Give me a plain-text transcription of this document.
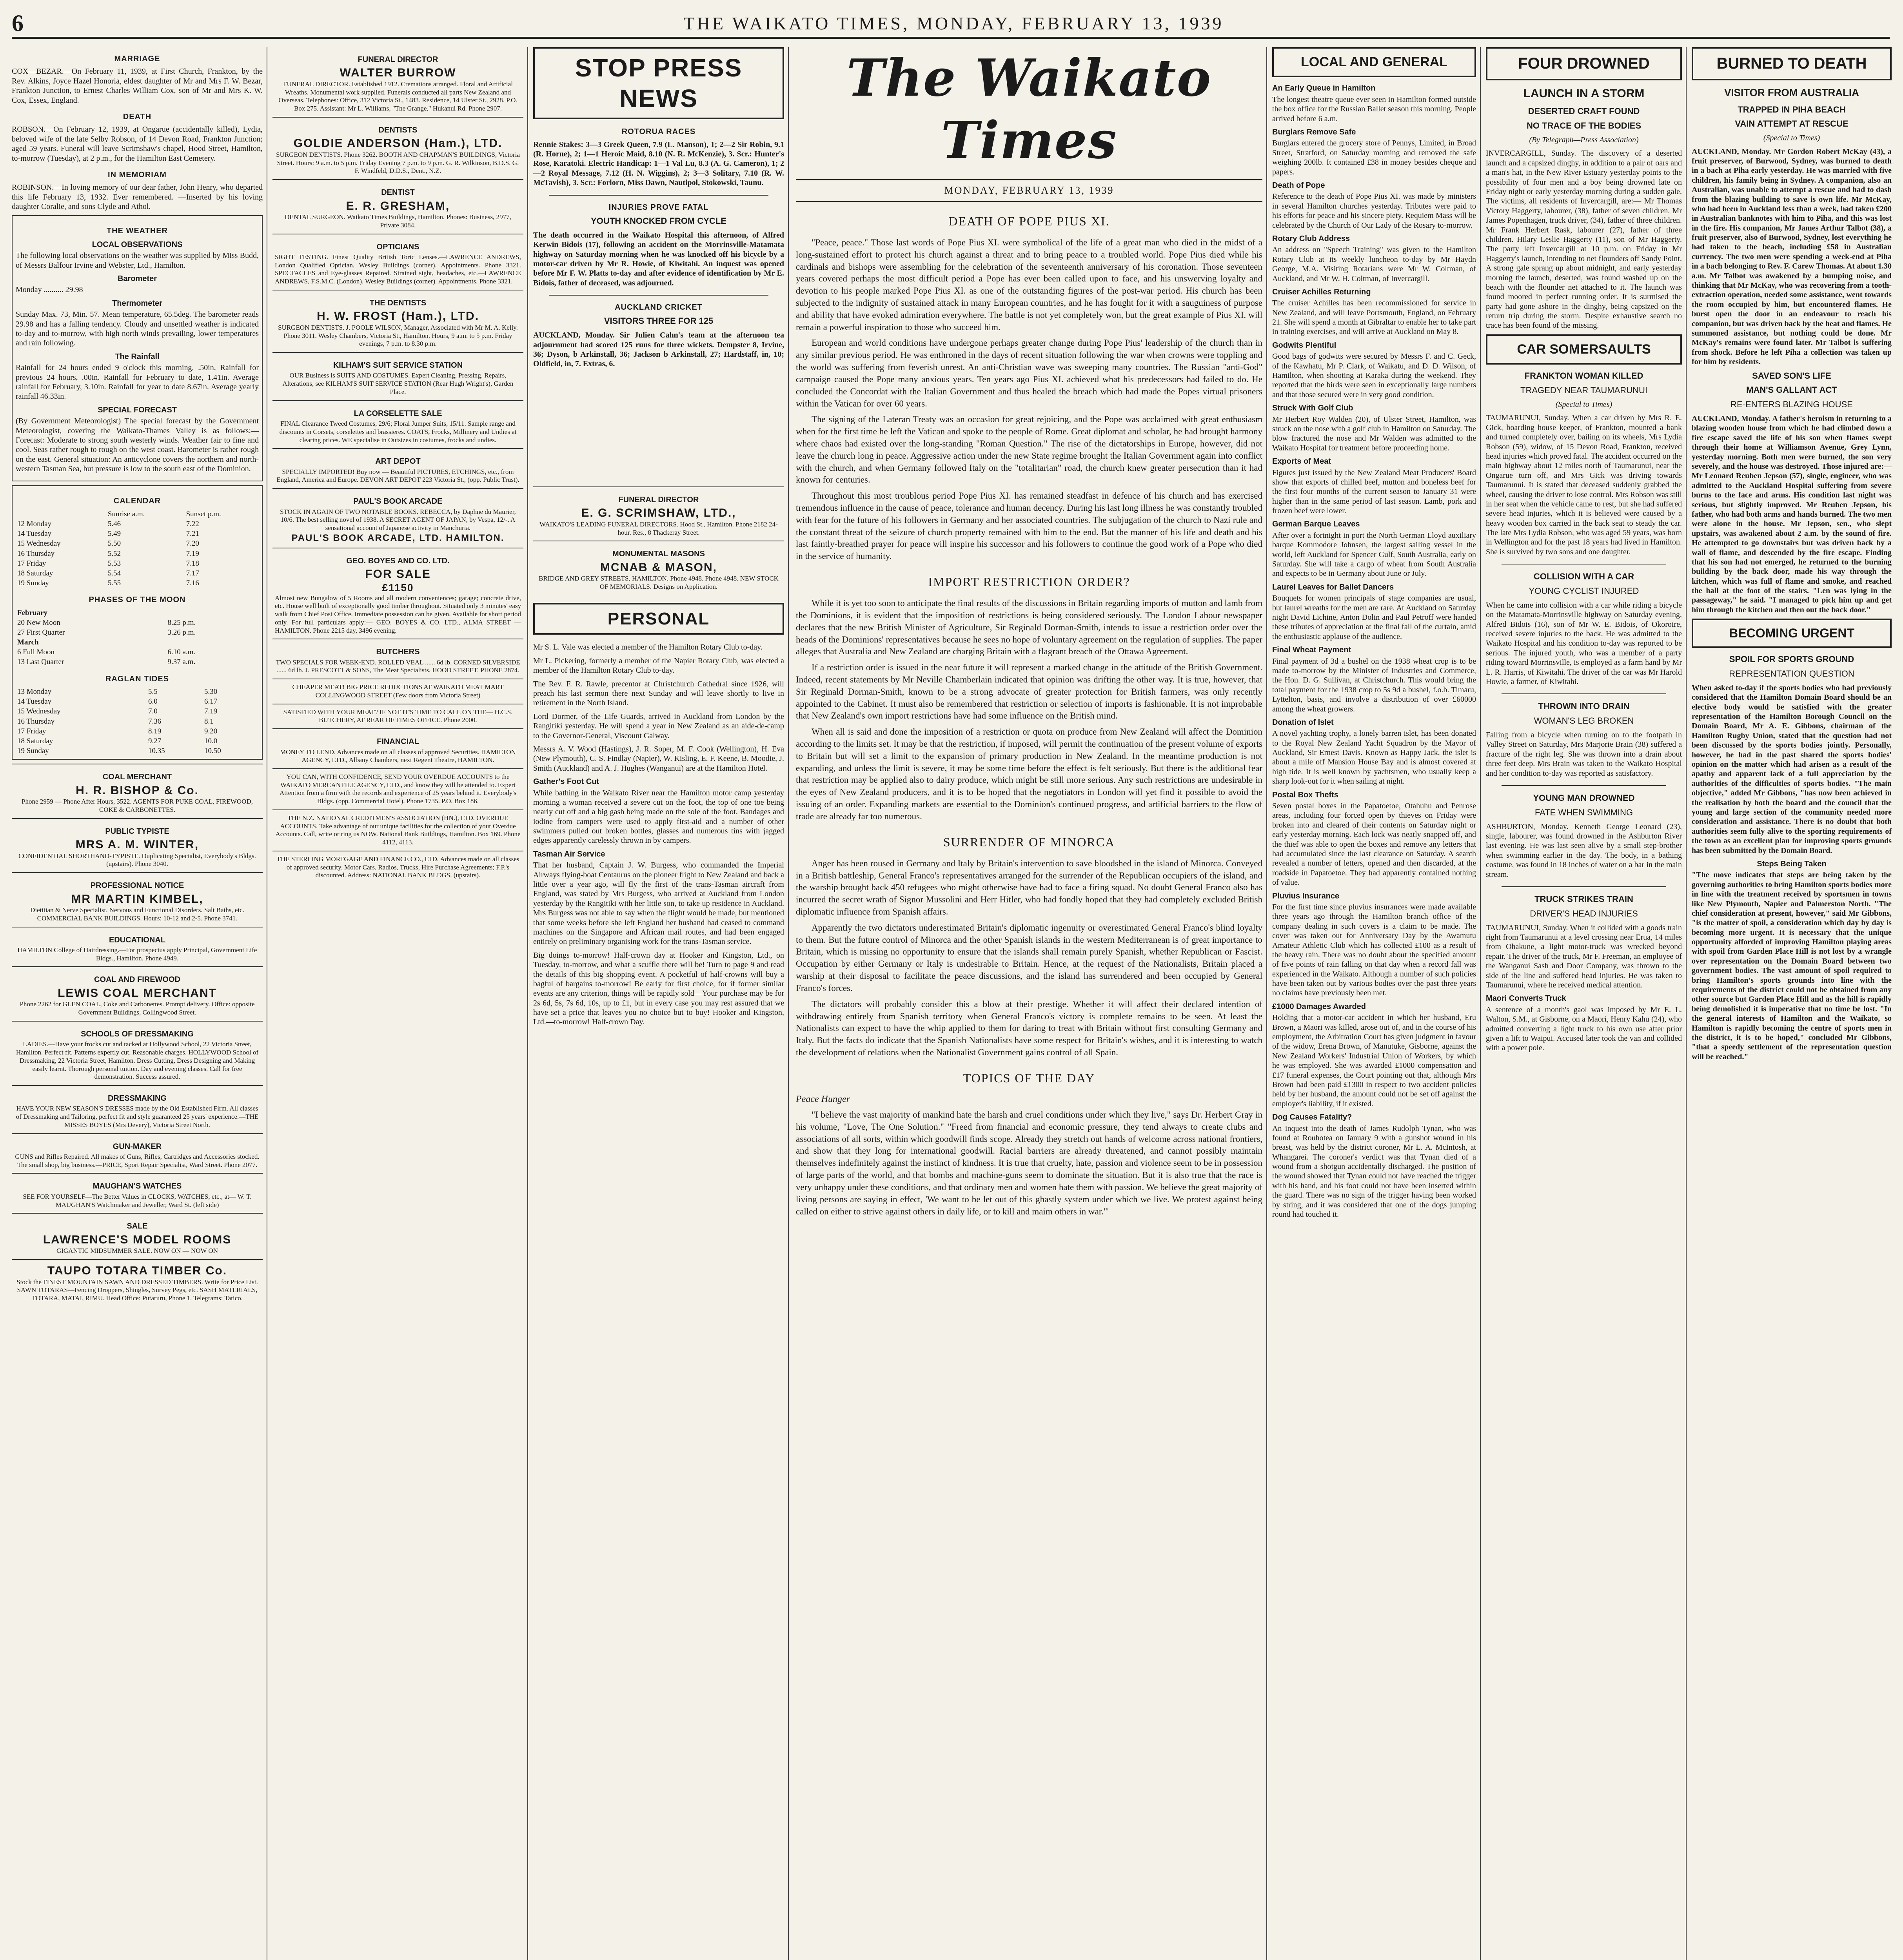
6	THE WAIKATO TIMES, MONDAY, FEBRUARY 13, 1939

MARRIAGE

COX—BEZAR.—On February 11, 1939, at First Church, Frankton, by the Rev. Alkins, Joyce Hazel Honoria, eldest daughter of Mr and Mrs F. W. Bezar, Frankton Junction, to Ernest Charles William Cox, son of Mr and Mrs K. W. Cox, Essex, England.

DEATH

ROBSON.—On February 12, 1939, at Ongarue (accidentally killed), Lydia, beloved wife of the late Selby Robson, of 14 Devon Road, Frankton Junction; aged 59 years. Funeral will leave Scrimshaw's chapel, Hood Street, Hamilton, to-morrow (Tuesday), at 2 p.m., for the Hamilton East Cemetery.

IN MEMORIAM

ROBINSON.—In loving memory of our dear father, John Henry, who departed this life February 13, 1932. Ever remembered. —Inserted by his loving daughter Coralie, and sons Clyde and Athol.

THE WEATHER
LOCAL OBSERVATIONS

The following local observations on the weather was supplied by Miss Budd, of Messrs Balfour Irvine and Webster, Ltd., Hamilton.

Barometer

Monday .......... 29.98

Thermometer

Sunday Max. 73, Min. 57. Mean temperature, 65.5deg. The barometer reads 29.98 and has a falling tendency. Cloudy and unsettled weather is indicated to-day and to-morrow, with high north winds prevailing, lower temperatures and rain following.

The Rainfall

Rainfall for 24 hours ended 9 o'clock this morning, .50in. Rainfall for previous 24 hours, .00in. Rainfall for February to date, 1.41in. Average rainfall for February, 3.10in. Rainfall for year to date 8.67in. Average yearly rainfall 46.33in.

SPECIAL FORECAST

(By Government Meteorologist) The special forecast by the Government Meteorologist, covering the Waikato-Thames Valley is as follows:— Forecast: Moderate to strong south westerly winds. Weather fair to fine and cool. Seas rather rough to rough on the west coast. Barometer is rather rough on the east. General situation: An anticyclone covers the northern and north-western Tasman Sea, but pressure is low to the south east of the Dominion.

CALENDAR
	Sunrise a.m.	Sunset p.m.
12 Monday	5.46	7.22
14 Tuesday	5.49	7.21
15 Wednesday	5.50	7.20
16 Thursday	5.52	7.19
17 Friday	5.53	7.18
18 Saturday	5.54	7.17
19 Sunday	5.55	7.16
PHASES OF THE MOON
February	
20 New Moon	8.25 p.m.
27 First Quarter	3.26 p.m.
March	
6 Full Moon	6.10 a.m.
13 Last Quarter	9.37 a.m.
RAGLAN TIDES
13 Monday	5.5	5.30
14 Tuesday	6.0	6.17
15 Wednesday	7.0	7.19
16 Thursday	7.36	8.1
17 Friday	8.19	9.20
18 Saturday	9.27	10.0
19 Sunday	10.35	10.50
COAL MERCHANT
H. R. BISHOP & Co.
Phone 2959 — Phone After Hours, 3522. AGENTS FOR PUKE COAL, FIREWOOD, COKE & CARBONETTES.
PUBLIC TYPISTE
MRS A. M. WINTER,
CONFIDENTIAL SHORTHAND-TYPISTE. Duplicating Specialist, Everybody's Bldgs. (upstairs). Phone 3040.
PROFESSIONAL NOTICE
MR MARTIN KIMBEL,
Dietitian & Nerve Specialist. Nervous and Functional Disorders. Salt Baths, etc. COMMERCIAL BANK BUILDINGS. Hours: 10-12 and 2-5. Phone 3741.
EDUCATIONAL
HAMILTON College of Hairdressing.—For prospectus apply Principal, Government Life Bldgs., Hamilton. Phone 4949.
COAL AND FIREWOOD
LEWIS COAL MERCHANT
Phone 2262 for GLEN COAL, Coke and Carbonettes. Prompt delivery. Office: opposite Government Buildings, Collingwood Street.
SCHOOLS OF DRESSMAKING
LADIES.—Have your frocks cut and tacked at Hollywood School, 22 Victoria Street, Hamilton. Perfect fit. Patterns expertly cut. Reasonable charges. HOLLYWOOD School of Dressmaking, 22 Victoria Street, Hamilton. Dress Cutting, Dress Designing and Making easily learnt. Thorough personal tuition. Day and evening classes. Call for free demonstration. Success assured.
DRESSMAKING
HAVE YOUR NEW SEASON'S DRESSES made by the Old Established Firm. All classes of Dressmaking and Tailoring, perfect fit and style guaranteed 25 years' experience.—THE MISSES BOYES (Mrs Devery), Victoria Street North.
GUN-MAKER
GUNS and Rifles Repaired. All makes of Guns, Rifles, Cartridges and Accessories stocked. The small shop, big business.—PRICE, Sport Repair Specialist, Ward Street. Phone 2077.
MAUGHAN'S WATCHES
SEE FOR YOURSELF—The Better Values in CLOCKS, WATCHES, etc., at— W. T. MAUGHAN'S Watchmaker and Jeweller, Ward St. (left side)
SALE
LAWRENCE'S MODEL ROOMS
GIGANTIC MIDSUMMER SALE. NOW ON — NOW ON
TAUPO TOTARA TIMBER Co.
Stock the FINEST MOUNTAIN SAWN AND DRESSED TIMBERS. Write for Price List. SAWN TOTARAS—Fencing Droppers, Shingles, Survey Pegs, etc. SASH MATERIALS, TOTARA, MATAI, RIMU. Head Office: Putaruru, Phone 1. Telegrams: Tatico.
FUNERAL DIRECTOR
WALTER BURROW
FUNERAL DIRECTOR. Established 1912. Cremations arranged. Floral and Artificial Wreaths. Monumental work supplied. Funerals conducted all parts New Zealand and Overseas. Telephones: Office, 312 Victoria St., 1483. Residence, 14 Ulster St., 2928. P.O. Box 275. Assistant: Mr L. Williams, "The Grange," Hukanui Rd. Phone 2907.
DENTISTS
GOLDIE ANDERSON (Ham.), LTD.
SURGEON DENTISTS. Phone 3262. BOOTH AND CHAPMAN'S BUILDINGS, Victoria Street. Hours: 9 a.m. to 5 p.m. Friday Evening 7 p.m. to 9 p.m. G. R. Wilkinson, B.D.S. G. F. Windfeld, D.D.S., Dent., N.Z.
DENTIST
E. R. GRESHAM,
DENTAL SURGEON. Waikato Times Buildings, Hamilton. Phones: Business, 2977, Private 3084.
OPTICIANS
SIGHT TESTING. Finest Quality British Toric Lenses.—LAWRENCE ANDREWS, London Qualified Optician, Wesley Buildings (corner). Appointments. Phone 3321. SPECTACLES and Eye-glasses Repaired. Strained sight, headaches, etc.—LAWRENCE ANDREWS, F.S.M.C. (London), Wesley Buildings (corner). Appointments. Phone 3321.
THE DENTISTS
H. W. FROST (Ham.), LTD.
SURGEON DENTISTS. J. POOLE WILSON, Manager, Associated with Mr M. A. Kelly. Phone 3011. Wesley Chambers, Victoria St., Hamilton. Hours, 9 a.m. to 5 p.m. Friday evenings, 7 p.m. to 8.30 p.m.
KILHAM'S SUIT SERVICE STATION
OUR Business is SUITS AND COSTUMES. Expert Cleaning, Pressing, Repairs, Alterations, see KILHAM'S SUIT SERVICE STATION (Rear Hugh Wright's), Garden Place.
LA CORSELETTE SALE
FINAL Clearance Tweed Costumes, 29/6; Floral Jumper Suits, 15/11. Sample range and discounts in Corsets, corselettes and brassieres. COATS, Frocks, Millinery and Undies at clearing prices. WE specialise in Outsizes in costumes, frocks and undies.
ART DEPOT
SPECIALLY IMPORTED! Buy now — Beautiful PICTURES, ETCHINGS, etc., from England, America and Europe. DEVON ART DEPOT 223 Victoria St., (opp. Public Trust).
PAUL'S BOOK ARCADE
STOCK IN AGAIN OF TWO NOTABLE BOOKS. REBECCA, by Daphne du Maurier, 10/6. The best selling novel of 1938. A SECRET AGENT OF JAPAN, by Vespa, 12/-. A sensational account of Japanese activity in Manchuria.
PAUL'S BOOK ARCADE, LTD. HAMILTON.
GEO. BOYES AND CO. LTD.
FOR SALE
£1150
Almost new Bungalow of 5 Rooms and all modern conveniences; garage; concrete drive, etc. House well built of exceptionally good timber throughout. Situated only 3 minutes' easy walk from Chief Post Office. Immediate possession can be given. Available for short period only. For full particulars apply:— GEO. BOYES & CO. LTD., ALMA STREET — HAMILTON. Phone 2215 day, 3496 evening.
BUTCHERS
TWO SPECIALS FOR WEEK-END. ROLLED VEAL ...... 6d lb. CORNED SILVERSIDE ...... 6d lb. J. PRESCOTT & SONS, The Meat Specialists, HOOD STREET. PHONE 2874.
CHEAPER MEAT! BIG PRICE REDUCTIONS AT WAIKATO MEAT MART COLLINGWOOD STREET (Few doors from Victoria Street)
SATISFIED WITH YOUR MEAT? IF NOT IT'S TIME TO CALL ON THE— H.C.S. BUTCHERY, AT REAR OF TIMES OFFICE. Phone 2000.
FINANCIAL
MONEY TO LEND. Advances made on all classes of approved Securities. HAMILTON AGENCY, LTD., Albany Chambers, next Regent Theatre, HAMILTON.
YOU CAN, WITH CONFIDENCE, SEND YOUR OVERDUE ACCOUNTS to the WAIKATO MERCANTILE AGENCY, LTD., and know they will be attended to. Expert Attention from a firm with the records and experience of 25 years behind it. Everybody's Bldgs. (opp. Commercial Hotel). Phone 1735. P.O. Box 186.
THE N.Z. NATIONAL CREDITMEN'S ASSOCIATION (HN.), LTD. OVERDUE ACCOUNTS. Take advantage of our unique facilities for the collection of your Overdue Accounts. Call, write or ring us NOW. National Bank Buildings, Hamilton. Box 169. Phone 4112, 4113.
THE STERLING MORTGAGE AND FINANCE CO., LTD. Advances made on all classes of approved security. Motor Cars, Radios, Trucks, Hire Purchase Agreements; F.P.'s discounted. Address: NATIONAL BANK BLDGS. (upstairs).
STOP PRESS NEWS
ROTORUA RACES

Rennie Stakes: 3—3 Greek Queen, 7.9 (L. Manson), 1; 2—2 Sir Robin, 9.1 (R. Horne), 2; 1—1 Heroic Maid, 8.10 (N. R. McKenzie), 3. Scr.: Hunter's Rose, Karatoki. Electric Handicap: 1—1 Val Lu, 8.3 (A. G. Cameron), 1; 2—2 Royal Message, 7.12 (H. N. Wiggins), 2; 3—3 Solitary, 7.10 (R. W. McTavish), 3. Scr.: Forlorn, Miss Dawn, Nautipol, Stokowski, Taunu.

INJURIES PROVE FATAL
YOUTH KNOCKED FROM CYCLE

The death occurred in the Waikato Hospital this afternoon, of Alfred Kerwin Bidois (17), following an accident on the Morrinsville-Matamata highway on Saturday morning when he was knocked off his bicycle by a motor-car driven by Mr R. Howie, of Kiwitahi. An inquest was opened before Mr F. W. Platts to-day and after evidence of identification by Mr E. Bidois, father of deceased, was adjourned.

AUCKLAND CRICKET
VISITORS THREE FOR 125

AUCKLAND, Monday. Sir Julien Cahn's team at the afternoon tea adjournment had scored 125 runs for three wickets. Dempster 8, Irvine, 36; Dyson, b Arkinstall, 36; Jackson b Arkinstall, 27; Hardstaff, in, 10; Oldfield, in, 7. Extras, 6.

FUNERAL DIRECTOR
E. G. SCRIMSHAW, LTD.,
WAIKATO'S LEADING FUNERAL DIRECTORS. Hood St., Hamilton. Phone 2182 24-hour. Res., 8 Thackeray Street.
MONUMENTAL MASONS
MCNAB & MASON,
BRIDGE AND GREY STREETS, HAMILTON. Phone 4948. Phone 4948. NEW STOCK OF MEMORIALS. Designs on Application.
PERSONAL

Mr S. L. Vale was elected a member of the Hamilton Rotary Club to-day.

Mr L. Pickering, formerly a member of the Napier Rotary Club, was elected a member of the Hamilton Rotary Club to-day.

The Rev. F. R. Rawle, precentor at Christchurch Cathedral since 1926, will preach his last sermon there next Sunday and will leave shortly to live in retirement in the North Island.

Lord Dormer, of the Life Guards, arrived in Auckland from London by the Rangitiki yesterday. He will spend a year in New Zealand as an aide-de-camp to the Governor-General, Viscount Galway.

Messrs A. V. Wood (Hastings), J. R. Soper, M. F. Cook (Wellington), H. Eva (New Plymouth), C. S. Findlay (Napier), W. Kisling, E. F. Keene, B. Moodie, J. Smith (Auckland) and A. J. Hughes (Wanganui) are at the Hamilton Hotel.

Gather's Foot Cut

While bathing in the Waikato River near the Hamilton motor camp yesterday morning a woman received a severe cut on the foot, the top of one toe being nearly cut off and a big gash being made on the sole of the foot. Bandages and iodine from campers were used to apply first-aid and a number of other swimmers pulled out broken bottles, glasses and numerous tins with jagged edges apparently carelessly thrown in by campers.

Tasman Air Service

That her husband, Captain J. W. Burgess, who commanded the Imperial Airways flying-boat Centaurus on the pioneer flight to New Zealand and back a little over a year ago, will fly the first of the trans-Tasman aircraft from England, was stated by Mrs Burgess, who arrived at Auckland from London yesterday by the Rangitiki with her little son, to take up residence in Auckland. Mrs Burgess was not able to say when the flight would be made, but mentioned that some weeks before she left England her husband had ceased to command machines on the Singapore and African mail routes, and had been engaged entirely on preliminary organising work for the trans-Tasman service.

Big doings to-morrow! Half-crown day at Hooker and Kingston, Ltd., on Tuesday, to-morrow, and what a scuffle there will be! Turn to page 9 and read the details of this big shopping event. A pocketful of half-crowns will buy a bagful of bargains to-morrow! Be early for first choice, for if former similar events are any criterion, things will be rapidly sold—Your purchase may be for 2s 6d, 5s, 7s 6d, 10s, up to £1, but in every case you may rest assured that we have set a price that leaves you no choice but to buy! Hooker and Kingston, Ltd.—to-morrow! Half-crown Day.

The Waikato Times
MONDAY, FEBRUARY 13, 1939
DEATH OF POPE PIUS XI.

"Peace, peace." Those last words of Pope Pius XI. were symbolical of the life of a great man who died in the midst of a long-sustained effort to protect his church against a threat and to bring peace to a troubled world. Pope Pius died while his cardinals and bishops were assembling for the celebration of the seventeenth anniversary of his coronation. Those seventeen years covered perhaps the most difficult period a Pope has ever been called upon to face, and his unswerving loyalty and devotion to his people marked Pope Pius XI. as one of the outstanding figures of the post-war period. His church has been subjected to the indignity of sustained attack in many European countries, and he has fought for it with a sauguiness of purpose and ability that have evoked admiration everywhere. The battle is not yet completely won, but the great example of Pius XI. will remain a powerful inspiration to those who succeed him.

European and world conditions have undergone perhaps greater change during Pope Pius' leadership of the church than in any similar previous period. He was enthroned in the days of recent situation following the war when crowns were toppling and the world was suffering from feverish unrest. An anti-Christian wave was sweeping many countries. The Russian "anti-God" campaign caused the Pope many anxious years. Ten years ago Pius XI. achieved what his predecessors had failed to do. He concluded the Concordat with the Italian Government and thus healed the breach which had made the Popes virtual prisoners within the Vatican for over 60 years.

The signing of the Lateran Treaty was an occasion for great rejoicing, and the Pope was acclaimed with great enthusiasm when for the first time he left the Vatican and spoke to the people of Rome. Great diplomat and scholar, he had brought harmony where chaos had existed over the long-standing "Roman Question." The rise of the dictatorships in Europe, however, did not leave the church long in peace. Aggressive action under the new State regime brought the Italian Government again into conflict with the church, and when Germany followed Italy on the "totalitarian" road, the church knew greater persecution than it had known for centuries.

Throughout this most troublous period Pope Pius XI. has remained steadfast in defence of his church and has exercised tremendous influence in the cause of peace, tolerance and human decency. During his last long illness he was constantly troubled with fear for the future of his followers in Germany and her associated countries. The subjugation of the church to Nazi rule and the constant threat of the seizure of church property remained with him to the end. But the manner of his life and death and his last faintly-breathed prayer for peace will inspire his successor and his followers to continue the good work of a Pope who died in the service of humanity.

IMPORT RESTRICTION ORDER?

While it is yet too soon to anticipate the final results of the discussions in Britain regarding imports of mutton and lamb from the Dominions, it is evident that the imposition of restrictions is being considered seriously. The London Labour newspaper declares that the new British Minister of Agriculture, Sir Reginald Dorman-Smith, intends to issue a restriction order over the heads of the Dominions' representatives because he sees no hope of voluntary agreement on the regulation of supplies. The paper alleges that Australia and New Zealand are charging Britain with a flagrant breach of the Ottawa Agreement.

If a restriction order is issued in the near future it will represent a marked change in the attitude of the British Government. Indeed, recent statements by Mr Neville Chamberlain indicated that opinion was drifting the other way. It is true, however, that Sir Reginald Dorman-Smith, known to be a strong advocate of greater protection for British farmers, was only recently appointed to the Cabinet. It must also be remembered that restriction or selection of imports is fashionable. It is not improbable that New Zealand's own import restrictions have had some influence on the British mind.

When all is said and done the imposition of a restriction or quota on produce from New Zealand will affect the Dominion according to the limits set. It may be that the restriction, if imposed, will permit the continuation of the present volume of exports to Britain but will set a limit to the expansion of primary production in New Zealand. In the meantime production is not expanding, and unless the limit is severe, it may be some time before the effect is felt seriously. But there is the additional fear that restriction may be applied also to dairy produce, which might be still more serious. Any such restrictions are undesirable in the eyes of New Zealand producers, and it is to be hoped that the negotiators in London will yet find it possible to avoid the issuing of an order. Expanding markets are essential to the Dominion's continued progress, and artificial barriers to the flow of trade are already far too numerous.

SURRENDER OF MINORCA

Anger has been roused in Germany and Italy by Britain's intervention to save bloodshed in the island of Minorca. Conveyed in a British battleship, General Franco's representatives arranged for the surrender of the Republican occupiers of the island, and the warship brought back 450 refugees who might otherwise have had to face a firing squad. No doubt General Franco also has incurred the secret wrath of Signor Mussolini and Herr Hitler, who had fondly hoped that they had completely excluded British diplomatic influence from Spanish affairs.

Apparently the two dictators underestimated Britain's diplomatic ingenuity or overestimated General Franco's blind loyalty to them. But the future control of Minorca and the other Spanish islands in the western Mediterranean is of great importance to Britain, which is missing no opportunity to ensure that the islands shall remain purely Spanish, whether Republican or Fascist. Occupation by either Germany or Italy is undesirable to Britain. Hence, at the request of the Nationalists, Britain placed a warship at their disposal to facilitate the peace discussions, and the island has surrendered and been occupied by General Franco's forces.

The dictators will probably consider this a blow at their prestige. Whether it will affect their declared intention of withdrawing entirely from Spanish territory when General Franco's victory is complete remains to be seen. At least the Nationalists can expect to have the whip applied to them for daring to treat with Britain without first consulting Germany and Italy. But the facts do indicate that the Spanish Nationalists have some respect for Britain's wishes, and it is interesting to watch the development of relations when the Nationalist Government gains control of all Spain.

TOPICS OF THE DAY

Peace Hunger

"I believe the vast majority of mankind hate the harsh and cruel conditions under which they live," says Dr. Herbert Gray in his volume, "Love, The One Solution." "Freed from financial and economic pressure, they tend always to create clubs and associations of all sorts, within which goodwill finds scope. Already they stretch out hands of welcome across national frontiers, and show that they long for international goodwill. Racial barriers are already threatened, and cannot possibly maintain themselves indefinitely against the instinct of kindness. It is true that cruelty, hate, passion and violence seem to be in possession of large parts of the world, and that bombs and machine-guns seem to dominate the situation. But it is also true that the race is very unhappy under these conditions, and that ordinary men and women hate them with passion. We believe the great majority of living persons are saying in effect, 'We want to be let out of this ghastly system under which we live. We protest against being called on either to strive against others in daily life, or to kill and maim others in war.'"

LOCAL AND GENERAL
An Early Queue in Hamilton

The longest theatre queue ever seen in Hamilton formed outside the box office for the Russian Ballet season this morning. People arrived before 6 a.m.

Burglars Remove Safe

Burglars entered the grocery store of Pennys, Limited, in Broad Street, Stratford, on Saturday morning and removed the safe weighing 200lb. It contained £38 in money besides cheque and papers.

Death of Pope

Reference to the death of Pope Pius XI. was made by ministers in several Hamilton churches yesterday. Tributes were paid to his efforts for peace and his sincere piety. Requiem Mass will be celebrated by the Church of Our Lady of the Rosary to-morrow.

Rotary Club Address

An address on "Speech Training" was given to the Hamilton Rotary Club at its weekly luncheon to-day by Mr Haydn George, M.A. Visiting Rotarians were Mr W. Coltman, of Auckland, and Mr W. H. Coltman, of Invercargill.

Cruiser Achilles Returning

The cruiser Achilles has been recommissioned for service in New Zealand, and will leave Portsmouth, England, on February 21. She will spend a month at Gibraltar to enable her to take part in training exercises, and will arrive at Auckland on May 8.

Godwits Plentiful

Good bags of godwits were secured by Messrs F. and C. Geck, of the Kawhatu, Mr P. Clark, of Waikatu, and D. D. Wilson, of Hamilton, when shooting at Karaka during the weekend. They reported that the birds were seen in exceptionally large numbers and that those secured were in very good condition.

Struck With Golf Club

Mr Herbert Roy Walden (20), of Ulster Street, Hamilton, was struck on the nose with a golf club in Hamilton on Saturday. The blow fractured the nose and Mr Walden was admitted to the Waikato Hospital for treatment before proceeding home.

Exports of Meat

Figures just issued by the New Zealand Meat Producers' Board show that exports of chilled beef, mutton and boneless beef for the first four months of the current season to January 31 were higher than in the same period of last season. Lamb, pork and frozen beef were lower.

German Barque Leaves

After over a fortnight in port the North German Lloyd auxiliary barque Kommodore Johnsen, the largest sailing vessel in the world, left Auckland for Spencer Gulf, South Australia, early on Saturday. She will take a cargo of wheat from South Australia and expects to be in Germany about June or July.

Laurel Leaves for Ballet Dancers

Bouquets for women principals of stage companies are usual, but laurel wreaths for the men are rare. At Auckland on Saturday night David Lichine, Anton Dolin and Paul Petroff were handed these tributes of appreciation at the final fall of the curtain, amid the enthusiastic applause of the audience.

Final Wheat Payment

Final payment of 3d a bushel on the 1938 wheat crop is to be made to-morrow by the Minister of Industries and Commerce, the Hon. D. G. Sullivan, at Christchurch. This would bring the total payment for the 1938 crop to 5s 9d a bushel, f.o.b. Timaru, Lyttelton, basis, and involve a distribution of over £60000 among the wheat growers.

Donation of Islet

A novel yachting trophy, a lonely barren islet, has been donated to the Royal New Zealand Yacht Squadron by the Mayor of Auckland, Sir Ernest Davis. Known as Happy Jack, the islet is about a mile off Mansion House Bay and is almost covered at high tide. It is well known by yachtsmen, who usually keep a sharp look-out for it when sailing at night.

Postal Box Thefts

Seven postal boxes in the Papatoetoe, Otahuhu and Penrose areas, including four forced open by thieves on Friday were broken into and cleared of their contents on Saturday night or early yesterday morning. Each lock was neatly snapped off, and the thief was able to open the boxes and remove any letters that had accumulated since the last clearance on Saturday. A search revealed a number of letters, opened and then discarded, at the roadside in Papatoetoe. They had apparently contained nothing of value.

Pluvius Insurance

For the first time since pluvius insurances were made available three years ago through the Hamilton branch office of the company dealing in such covers is a claim to be made. The cover was taken out for Anniversary Day by the Awamutu Amateur Athletic Club which has collected £100 as a result of the heavy rain. There was no doubt about the specified amount of five points of rain falling on that day when a record fall was experienced in the Waikato. Although a number of such policies have been taken out by various bodies over the past three years no claims have previously been met.

£1000 Damages Awarded

Holding that a motor-car accident in which her husband, Eru Brown, a Maori was killed, arose out of, and in the course of his employment, the Arbitration Court has given judgment in favour of the widow, Erena Brown, of Manutuke, Gisborne, against the New Zealand Workers' Industrial Union of Workers, by which he was employed. She was awarded £1000 compensation and £17 funeral expenses, the Court pointing out that, although Mrs Brown had been paid £1300 in respect to two accident policies held by her husband, the amount could not be set off against the employer's liability, if it existed.

Dog Causes Fatality?

An inquest into the death of James Rudolph Tynan, who was found at Rouhotea on January 9 with a gunshot wound in his breast, was held by the district coroner, Mr L. A. McIntosh, at Whangarei. The coroner's verdict was that Tynan died of a wound from a shotgun accidentally discharged. The position of the wound showed that Tynan could not have reached the trigger with his hand, and his foot could not have been inserted within the guard. There was no sign of the trigger having been worked by string, and it was considered that one of the dogs jumping round had touched it.

FOUR DROWNED
LAUNCH IN A STORM
DESERTED CRAFT FOUND
NO TRACE OF THE BODIES

(By Telegraph—Press Association)

INVERCARGILL, Sunday. The discovery of a deserted launch and a capsized dinghy, in addition to a pair of oars and a man's hat, in the New River Estuary yesterday points to the possibility of four men and a boy being drowned late on Friday night or early yesterday morning during a sudden gale. The victims, all residents of Invercargill, are:— Mr Thomas Victory Haggerty, labourer, (38), father of seven children. Mr James Popenhagen, truck driver, (34), father of three children. Mr Frank Herbert Rask, labourer (27), father of three children. Hilary Leslie Haggerty (11), son of Mr Haggerty. The party left Invercargill at 10 p.m. on Friday in Mr Haggerty's launch, intending to net flounders off Sandy Point. A strong gale sprang up about midnight, and early yesterday morning the launch, deserted, was found washed up on the beach with the flounder net attached to it. The launch was found moored in perfect running order. It is surmised the party had gone ashore in the dinghy, being capsized on the return trip during the storm. Despite exhaustive search no trace has been found of the missing.

CAR SOMERSAULTS
FRANKTON WOMAN KILLED
TRAGEDY NEAR TAUMARUNUI

(Special to Times)

TAUMARUNUI, Sunday. When a car driven by Mrs R. E. Gick, boarding house keeper, of Frankton, mounted a bank and turned completely over, bailing on its wheels, Mrs Lydia Robson (59), widow, of 15 Devon Road, Frankton, received head injuries which proved fatal. The accident occurred on the main highway about 12 miles north of Taumarunui, near the Ongarue turn off, and Mrs Gick was driving towards Taumarunui. It is stated that deceased suddenly grabbed the wheel, causing the driver to lose control. Mrs Robson was still in her seat when the vehicle came to rest, but she had suffered severe head injuries, which it is believed were caused by a heavy wooden box carried in the back seat to steady the car. The late Mrs Lydia Robson, who was aged 59 years, was born in Wellington and for the past 18 years had lived in Hamilton. She is survived by two sons and one daughter.

COLLISION WITH A CAR
YOUNG CYCLIST INJURED

When he came into collision with a car while riding a bicycle on the Matamata-Morrinsville highway on Saturday evening, Alfred Bidois (16), son of Mr W. E. Bidois, of Okoroire, received severe injuries to the back. He was admitted to the Waikato Hospital and his condition to-day was reported to be serious. The injured youth, who was a member of a party riding toward Morrinsville, is employed as a farm hand by Mr L. R. Harris, of Kiwitahi. The driver of the car was Mr Harold Howie, a farmer, of Kiwitahi.

THROWN INTO DRAIN
WOMAN'S LEG BROKEN

Falling from a bicycle when turning on to the footpath in Valley Street on Saturday, Mrs Marjorie Brain (38) suffered a fracture of the right leg. She was thrown into a drain about three feet deep. Mrs Brain was taken to the Waikato Hospital and her condition to-day was reported as satisfactory.

YOUNG MAN DROWNED
FATE WHEN SWIMMING

ASHBURTON, Monday. Kenneth George Leonard (23), single, labourer, was found drowned in the Ashburton River last evening. He was last seen alive by a small step-brother when swimming earlier in the day. The body, in a bathing costume, was found in 18 inches of water on a bar in the main stream.

TRUCK STRIKES TRAIN
DRIVER'S HEAD INJURIES

TAUMARUNUI, Sunday. When it collided with a goods train right from Taumarunui at a level crossing near Erua, 14 miles from Ohakune, a light motor-truck was wrecked beyond repair. The driver of the truck, Mr F. Freeman, an employee of the Wanganui Sash and Door Company, was thrown to the side of the line and suffered head injuries. He was taken to Taumarunui, where he received medical attention.

Maori Converts Truck

A sentence of a month's gaol was imposed by Mr E. L. Walton, S.M., at Gisborne, on a Maori, Henry Kahu (24), who admitted converting a light truck to his own use after prior given a lift to Waipui. Accused later took the van and collided with a power pole.

BURNED TO DEATH
VISITOR FROM AUSTRALIA
TRAPPED IN PIHA BEACH
VAIN ATTEMPT AT RESCUE

(Special to Times)

AUCKLAND, Monday. Mr Gordon Robert McKay (43), a fruit preserver, of Burwood, Sydney, was burned to death in a bach at Piha early yesterday. He was married with five children, his family being in Sydney. A companion, also an Australian, was unable to attempt a rescue and had to dash from the blazing building to save is own life. Mr McKay, who had been in Auckland less than a week, had taken £200 in Australian banknotes with him to Piha, and this was lost in the fire. His companion, Mr James Arthur Talbot (38), a fruit preserver, also of Burwood, Sydney, lost everything he had taken to the beach, including £58 in Australian currency. The two men were spending a week-end at Piha in a bach belonging to Rev. F. Carew Thomas. At about 1.30 a.m. Mr Talbot was awakened by a bumping noise, and thinking that Mr McKay, who was recovering from a tooth-extraction operation, needed some assistance, went towards the room occupied by him, but encountered flames. He burst open the door in an endeavour to reach his companion, but was driven back by the heat and flames. He summoned assistance, but nothing could be done. Mr McKay's remains were found later. Mr Talbot is suffering from shock. Before he left Piha a collection was taken up for him by residents.

SAVED SON'S LIFE
MAN'S GALLANT ACT
RE-ENTERS BLAZING HOUSE

AUCKLAND, Monday. A father's heroism in returning to a blazing wooden house from which he had climbed down a fire escape saved the life of his son when flames swept through their home at Williamson Avenue, Grey Lynn, yesterday morning. Both men were burned, the son very severely, and the house was destroyed. Those injured are:— Mr Leonard Reuben Jepson (57), single, engineer, who was admitted to the Auckland Hospital suffering from severe burns to the face and arms. His condition last night was serious, but slightly improved. Mr Reuben Jepson, his father, who had both arms and hands burned. The two men were alone in the house. Mr Jepson, sen., who slept upstairs, was awakened about 2 a.m. by the sound of fire. He attempted to go downstairs but was driven back by a wall of flame, and descended by the fire escape. Finding that his son had not emerged, he returned to the burning building by the back door, made his way through the kitchen, which was full of flame and smoke, and reached the hall at the foot of the stairs. "Len was lying in the passageway," he said. "I managed to pick him up and get him through the kitchen and then out the back door."

BECOMING URGENT
SPOIL FOR SPORTS GROUND
REPRESENTATION QUESTION

When asked to-day if the sports bodies who had previously considered that the Hamilton Domain Board should be an elective body would be satisfied with the greater representation of the Hamilton Borough Council on the Domain Board, Mr A. E. Gibbons, chairman of the Hamilton Rugby Union, stated that the question had not been discussed by the sports bodies jointly. Personally, however, he had in the past shared the sports bodies' opinion on the matter which had arisen as a result of the apathy and apparent lack of a full appreciation by the authorities of the difficulties of sports bodies. "The main objective," added Mr Gibbons, "has now been achieved in the realisation by both the board and the council that the young and large section of the community needed more consideration and assistance. There is no doubt that both authorities seem fully alive to the sporting requirements of the town as an excellent plan for improving sports grounds has been submitted by the Domain Board.

Steps Being Taken

"The move indicates that steps are being taken by the governing authorities to bring Hamilton sports bodies more in line with the treatment received by sportsmen in towns like New Plymouth, Napier and Palmerston North. "The chief consideration at present, however," said Mr Gibbons, "is the matter of spoil, a consideration which day by day is becoming more urgent. It is necessary that the unique opportunity afforded of improving Hamilton playing areas with spoil from Garden Place Hill is not lost by a wrangle over representation on the Domain Board between two government bodies. The vast amount of spoil required to bring Hamilton's sports grounds into line with the requirements of the district could not be obtained from any other source but Garden Place Hill and as the hill is rapidly being demolished it is imperative that no time be lost. "In the general interests of Hamilton and the Waikato, so Hamilton is rapidly becoming the centre of sports men in the district, it is to be hoped," concluded Mr Gibbons, "that a speedy settlement of the representation question will be reached."
